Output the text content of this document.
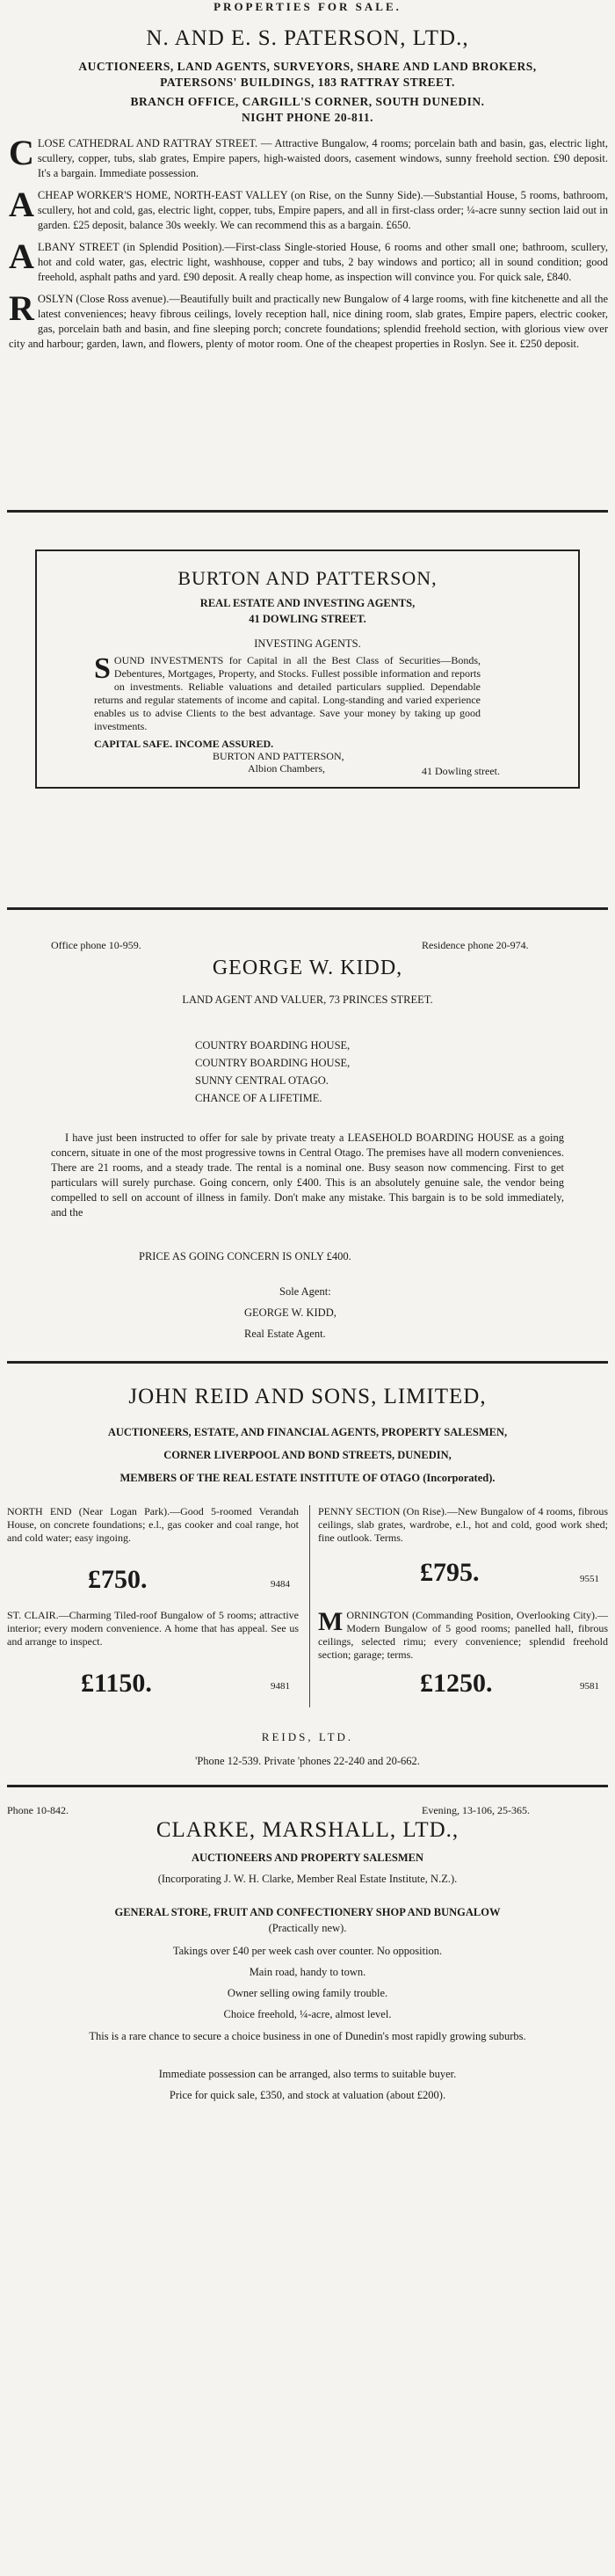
PROPERTIES FOR SALE.
N. AND E. S. PATERSON, LTD.,
AUCTIONEERS, LAND AGENTS, SURVEYORS, SHARE AND LAND BROKERS,
PATERSONS' BUILDINGS, 183 RATTRAY STREET.
BRANCH OFFICE, CARGILL'S CORNER, SOUTH DUNEDIN.
NIGHT PHONE 20-811.

CLOSE CATHEDRAL AND RATTRAY STREET. — Attractive Bungalow, 4 rooms; porcelain bath and basin, gas, electric light, scullery, copper, tubs, slab grates, Empire papers, high-waisted doors, casement windows, sunny freehold section. £90 deposit. It's a bargain. Immediate possession.

ACHEAP WORKER'S HOME, NORTH-EAST VALLEY (on Rise, on the Sunny Side).—Substantial House, 5 rooms, bathroom, scullery, hot and cold, gas, electric light, copper, tubs, Empire papers, and all in first-class order; ¼-acre sunny section laid out in garden. £25 deposit, balance 30s weekly. We can recommend this as a bargain. £650.

ALBANY STREET (in Splendid Position).—First-class Single-storied House, 6 rooms and other small one; bathroom, scullery, hot and cold water, gas, electric light, washhouse, copper and tubs, 2 bay windows and portico; all in sound condition; good freehold, asphalt paths and yard. £90 deposit. A really cheap home, as inspection will convince you. For quick sale, £840.

ROSLYN (Close Ross avenue).—Beautifully built and practically new Bungalow of 4 large rooms, with fine kitchenette and all the latest conveniences; heavy fibrous ceilings, lovely reception hall, nice dining room, slab grates, Empire papers, electric cooker, gas, porcelain bath and basin, and fine sleeping porch; concrete foundations; splendid freehold section, with glorious view over city and harbour; garden, lawn, and flowers, plenty of motor room. One of the cheapest properties in Roslyn. See it. £250 deposit.

BURTON AND PATTERSON,
REAL ESTATE AND INVESTING AGENTS,
41 DOWLING STREET.
INVESTING AGENTS.
SOUND INVESTMENTS for Capital in all the Best Class of Securities—Bonds, Debentures, Mortgages, Property, and Stocks. Fullest possible information and reports on investments. Reliable valuations and detailed particulars supplied. Dependable returns and regular statements of income and capital. Long-standing and varied experience enables us to advise Clients to the best advantage. Save your money by taking up good investments.
CAPITAL SAFE. INCOME ASSURED.
BURTON AND PATTERSON,
Albion Chambers,	41 Dowling street.
Office phone 10-959.	Residence phone 20-974.
GEORGE W. KIDD,
LAND AGENT AND VALUER, 73 PRINCES STREET.
COUNTRY BOARDING HOUSE,
COUNTRY BOARDING HOUSE,
SUNNY CENTRAL OTAGO.
CHANCE OF A LIFETIME.
I have just been instructed to offer for sale by private treaty a LEASEHOLD BOARDING HOUSE as a going concern, situate in one of the most progressive towns in Central Otago. The premises have all modern conveniences. There are 21 rooms, and a steady trade. The rental is a nominal one. Busy season now commencing. First to get particulars will surely purchase. Going concern, only £400. This is an absolutely genuine sale, the vendor being compelled to sell on account of illness in family. Don't make any mistake. This bargain is to be sold immediately, and the
PRICE AS GOING CONCERN IS ONLY £400.
Sole Agent:
GEORGE W. KIDD,
Real Estate Agent.
JOHN REID AND SONS, LIMITED,
AUCTIONEERS, ESTATE, AND FINANCIAL AGENTS, PROPERTY SALESMEN,
CORNER LIVERPOOL AND BOND STREETS, DUNEDIN,
MEMBERS OF THE REAL ESTATE INSTITUTE OF OTAGO (Incorporated).
NORTH END (Near Logan Park).—Good 5-roomed Verandah House, on concrete foundations; e.l., gas cooker and coal range, hot and cold water; easy ingoing.
£750.	9484
PENNY SECTION (On Rise).—New Bungalow of 4 rooms, fibrous ceilings, slab grates, wardrobe, e.l., hot and cold, good work shed; fine outlook. Terms.
£795.	9551
ST. CLAIR.—Charming Tiled-roof Bungalow of 5 rooms; attractive interior; every modern convenience. A home that has appeal. See us and arrange to inspect.
£1150.	9481
MORNINGTON (Commanding Position, Overlooking City).—Modern Bungalow of 5 good rooms; panelled hall, fibrous ceilings, selected rimu; every convenience; splendid freehold section; garage; terms.
£1250.	9581
REIDS, LTD.
'Phone 12-539. Private 'phones 22-240 and 20-662.
Phone 10-842.	Evening, 13-106, 25-365.
CLARKE, MARSHALL, LTD.,
AUCTIONEERS AND PROPERTY SALESMEN
(Incorporating J. W. H. Clarke, Member Real Estate Institute, N.Z.).
GENERAL STORE, FRUIT AND CONFECTIONERY SHOP AND BUNGALOW
(Practically new).
Takings over £40 per week cash over counter. No opposition.
Main road, handy to town.
Owner selling owing family trouble.
Choice freehold, ¼-acre, almost level.
This is a rare chance to secure a choice business in one of Dunedin's most rapidly growing suburbs.
Immediate possession can be arranged, also terms to suitable buyer.
Price for quick sale, £350, and stock at valuation (about £200).
